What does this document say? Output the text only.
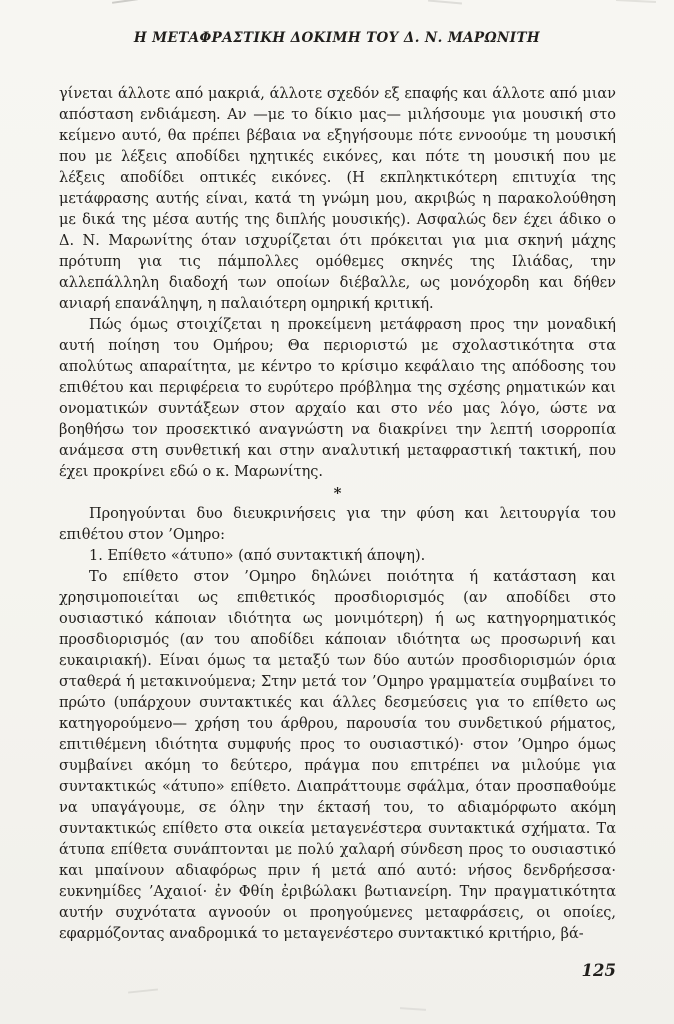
Η ΜΕΤΑΦΡΑΣΤΙΚΗ ΔΟΚΙΜΗ ΤΟΥ Δ. Ν. ΜΑΡΩΝΙΤΗ

γίνεται άλλοτε από μακριά, άλλοτε σχεδόν εξ επαφής και άλλοτε από μιαν απόσταση ενδιάμεση. Αν —με το δίκιο μας— μιλήσουμε για μουσική στο κείμενο αυτό, θα πρέπει βέβαια να εξηγήσουμε πότε εννοούμε τη μουσική που με λέξεις αποδίδει ηχητικές εικόνες, και πότε τη μουσική που με λέξεις αποδίδει οπτικές εικόνες. (Η εκπληκτικότερη επιτυχία της μετάφρασης αυτής είναι, κατά τη γνώμη μου, ακριβώς η παρακολούθηση με δικά της μέσα αυτής της διπλής μουσικής). Ασφαλώς δεν έχει άδικο ο Δ. Ν. Μαρωνίτης όταν ισχυρίζεται ότι πρόκειται για μια σκηνή μάχης πρότυπη για τις πάμπολλες ομόθεμες σκηνές της Ιλιάδας, την αλλεπάλληλη διαδοχή των οποίων διέβαλλε, ως μονόχορδη και δήθεν ανιαρή επανάληψη, η παλαιότερη ομηρική κριτική.

Πώς όμως στοιχίζεται η προκείμενη μετάφραση προς την μοναδική αυτή ποίηση του Ομήρου; Θα περιοριστώ με σχολαστικότητα στα απολύτως απαραίτητα, με κέντρο το κρίσιμο κεφάλαιο της απόδοσης του επιθέτου και περιφέρεια το ευρύτερο πρόβλημα της σχέσης ρηματικών και ονοματικών συντάξεων στον αρχαίο και στο νέο μας λόγο, ώστε να βοηθήσω τον προσεκτικό αναγνώστη να διακρίνει την λεπτή ισορροπία ανάμεσα στη συνθετική και στην αναλυτική μεταφραστική τακτική, που έχει προκρίνει εδώ ο κ. Μαρωνίτης.

*

Προηγούνται δυο διευκρινήσεις για την φύση και λειτουργία του επιθέτου στον ’Ομηρο:

1. Επίθετο «άτυπο» (από συντακτική άποψη).

Το επίθετο στον ’Ομηρο δηλώνει ποιότητα ή κατάσταση και χρησιμοποιείται ως επιθετικός προσδιορισμός (αν αποδίδει στο ουσιαστικό κάποιαν ιδιότητα ως μονιμότερη) ή ως κατηγορηματικός προσδιορισμός (αν του αποδίδει κάποιαν ιδιότητα ως προσωρινή και ευκαιριακή). Είναι όμως τα μεταξύ των δύο αυτών προσδιορισμών όρια σταθερά ή μετακινούμενα; Στην μετά τον ’Ομηρο γραμματεία συμβαίνει το πρώτο (υπάρχουν συντακτικές και άλλες δεσμεύσεις για το επίθετο ως κατηγορούμενο— χρήση του άρθρου, παρουσία του συνδετικού ρήματος, επιτιθέμενη ιδιότητα συμφυής προς το ουσιαστικό)· στον ’Ομηρο όμως συμβαίνει ακόμη το δεύτερο, πράγμα που επιτρέπει να μιλούμε για συντακτικώς «άτυπο» επίθετο. Διαπράττουμε σφάλμα, όταν προσπαθούμε να υπαγάγουμε, σε όλην την έκτασή του, το αδιαμόρφωτο ακόμη συντακτικώς επίθετο στα οικεία μεταγενέστερα συντακτικά σχήματα. Τα άτυπα επίθετα συνάπτονται με πολύ χαλαρή σύνδεση προς το ουσιαστικό και μπαίνουν αδιαφόρως πριν ή μετά από αυτό: νήσος δενδρήεσσα· ευκνημίδες ’Αχαιοί· ἐν Φθίη ἐριβώλακι βωτιανείρη. Την πραγματικότητα αυτήν συχνότατα αγνοούν οι προηγούμενες μεταφράσεις, οι οποίες, εφαρμόζοντας αναδρομικά το μεταγενέστερο συντακτικό κριτήριο, βά-

125
